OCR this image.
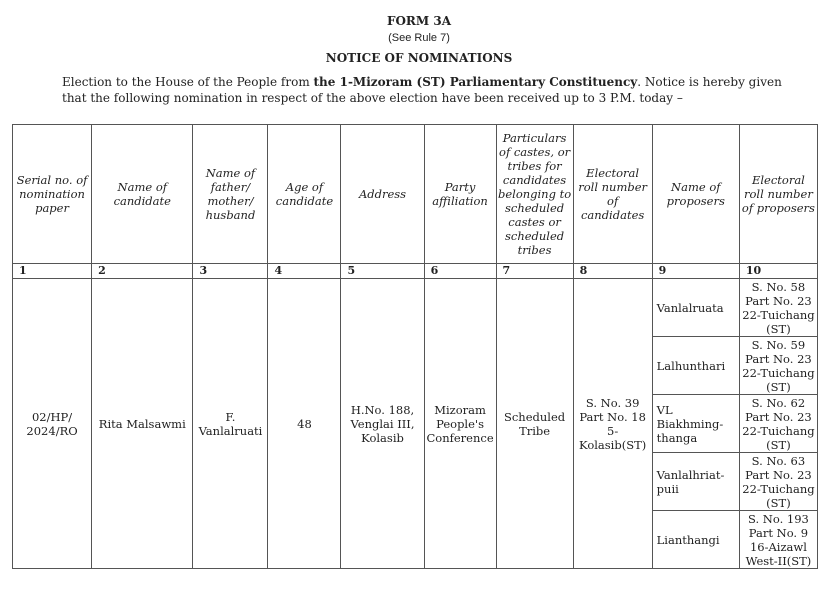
FORM 3A
(See Rule 7)
NOTICE OF NOMINATIONS
Election to the House of the People from the 1-Mizoram (ST) Parliamentary Constituency. Notice is hereby given that the following nomination in respect of the above election have been received up to 3 P.M. today –
Serial no. of nomination paper	Name of candidate	Name of father/ mother/ husband	Age of candidate	Address	Party affiliation	Particulars of castes, or tribes for candidates belonging to scheduled castes or scheduled tribes	Electoral roll number of candidates	Name of proposers	Electoral roll number of proposers
1	2	3	4	5	6	7	8	9	10
02/HP/ 2024/RO	Rita Malsawmi	F. Vanlalruati	48	H.No. 188, Venglai III, Kolasib	Mizoram People's Conference	Scheduled Tribe	S. No. 39 Part No. 18 5-Kolasib(ST)	Vanlalruata	S. No. 58 Part No. 23 22-Tuichang (ST)
								Lalhunthari	S. No. 59 Part No. 23 22-Tuichang (ST)
								VL Biakhming-thanga	S. No. 62 Part No. 23 22-Tuichang (ST)
								Vanlalhriat-puii	S. No. 63 Part No. 23 22-Tuichang (ST)
								Lianthangi	S. No. 193 Part No. 9 16-Aizawl West-II(ST)
